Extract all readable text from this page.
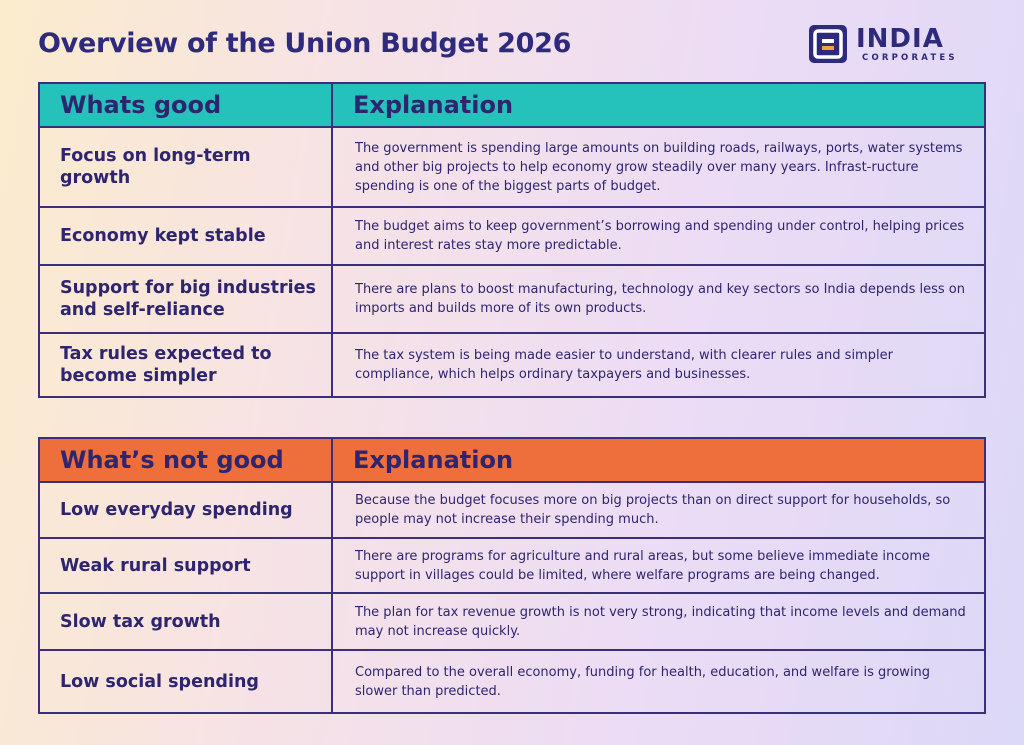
Overview of the Union Budget 2026	INDIA
CORPORATES
Whats good	Explanation
Focus on long-term growth	The government is spending large amounts on building roads, railways, ports, water systems and other big projects to help economy grow steadily over many years. Infrast-ructure spending is one of the biggest parts of budget.
Economy kept stable	The budget aims to keep government’s borrowing and spending under control, helping prices and interest rates stay more predictable.
Support for big industries and self-reliance	There are plans to boost manufacturing, technology and key sectors so India depends less on imports and builds more of its own products.
Tax rules expected to become simpler	The tax system is being made easier to understand, with clearer rules and simpler compliance, which helps ordinary taxpayers and businesses.
What’s not good	Explanation
Low everyday spending	Because the budget focuses more on big projects than on direct support for households, so people may not increase their spending much.
Weak rural support	There are programs for agriculture and rural areas, but some believe immediate income support in villages could be limited, where welfare programs are being changed.
Slow tax growth	The plan for tax revenue growth is not very strong, indicating that income levels and demand may not increase quickly.
Low social spending	Compared to the overall economy, funding for health, education, and welfare is growing slower than predicted.
